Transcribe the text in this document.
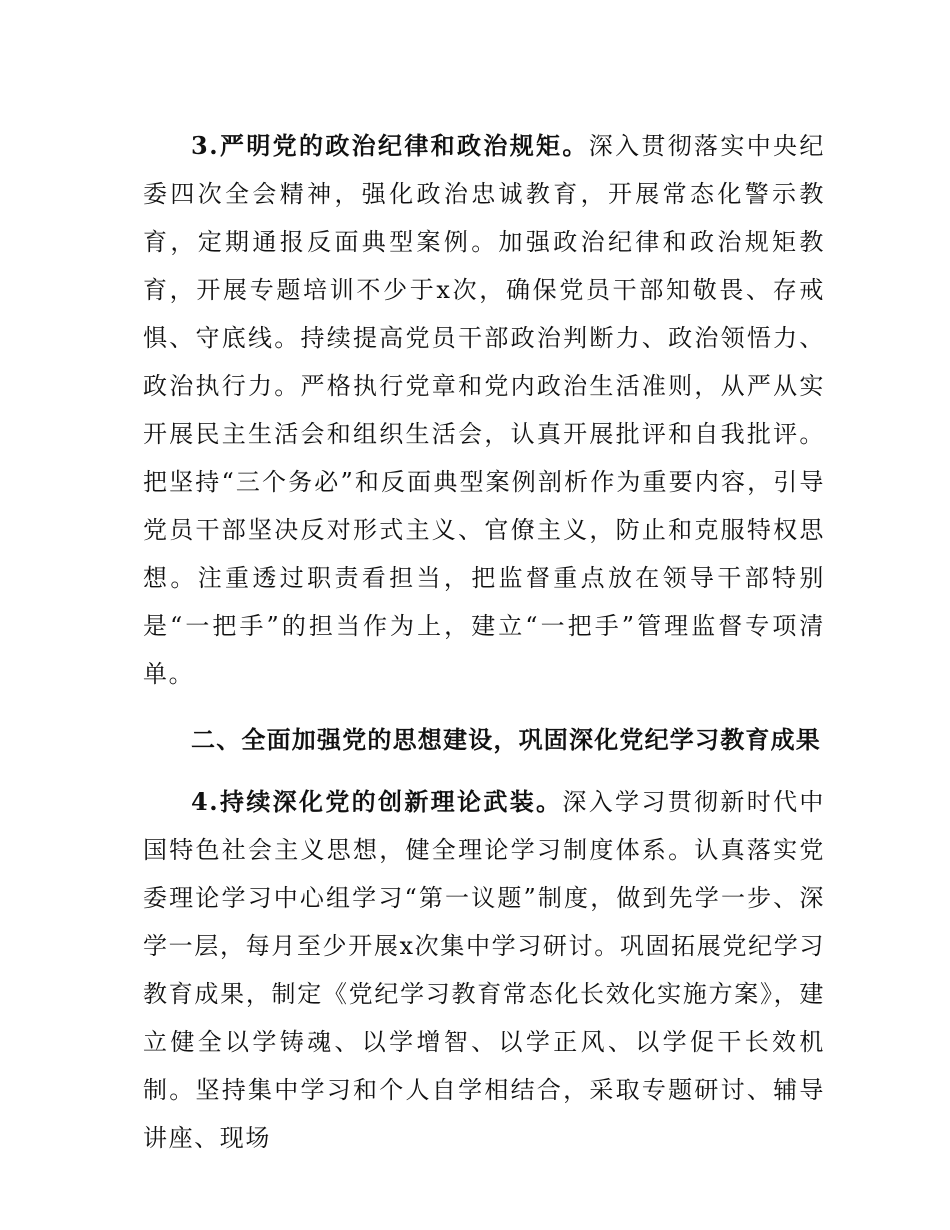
3.严明党的政治纪律和政治规矩。深入贯彻落实中央纪委四次全会精神，强化政治忠诚教育，开展常态化警示教育，定期通报反面典型案例。加强政治纪律和政治规矩教育，开展专题培训不少于x次，确保党员干部知敬畏、存戒惧、守底线。持续提高党员干部政治判断力、政治领悟力、政治执行力。严格执行党章和党内政治生活准则，从严从实开展民主生活会和组织生活会，认真开展批评和自我批评。把坚持“三个务必”和反面典型案例剖析作为重要内容，引导党员干部坚决反对形式主义、官僚主义，防止和克服特权思想。注重透过职责看担当，把监督重点放在领导干部特别是“一把手”的担当作为上，建立“一把手”管理监督专项清单。

二、全面加强党的思想建设，巩固深化党纪学习教育成果

4.持续深化党的创新理论武装。深入学习贯彻新时代中国特色社会主义思想，健全理论学习制度体系。认真落实党委理论学习中心组学习“第一议题”制度，做到先学一步、深学一层，每月至少开展x次集中学习研讨。巩固拓展党纪学习教育成果，制定《党纪学习教育常态化长效化实施方案》，建立健全以学铸魂、以学增智、以学正风、以学促干长效机制。坚持集中学习和个人自学相结合，采取专题研讨、辅导讲座、现场
